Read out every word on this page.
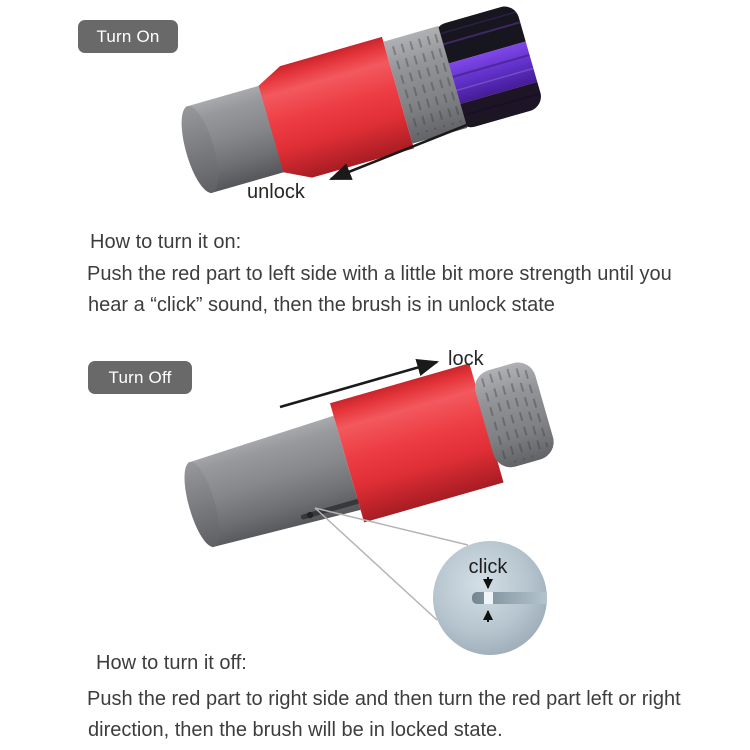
Turn On
unlock
How to turn it on:
Push the red part to left side with a little bit more strength until you
hear a “click” sound, then the brush is in unlock state
click
Turn Off
lock
How to turn it off:
Push the red part to right side and then turn the red part left or right
direction, then the brush will be in locked state.
